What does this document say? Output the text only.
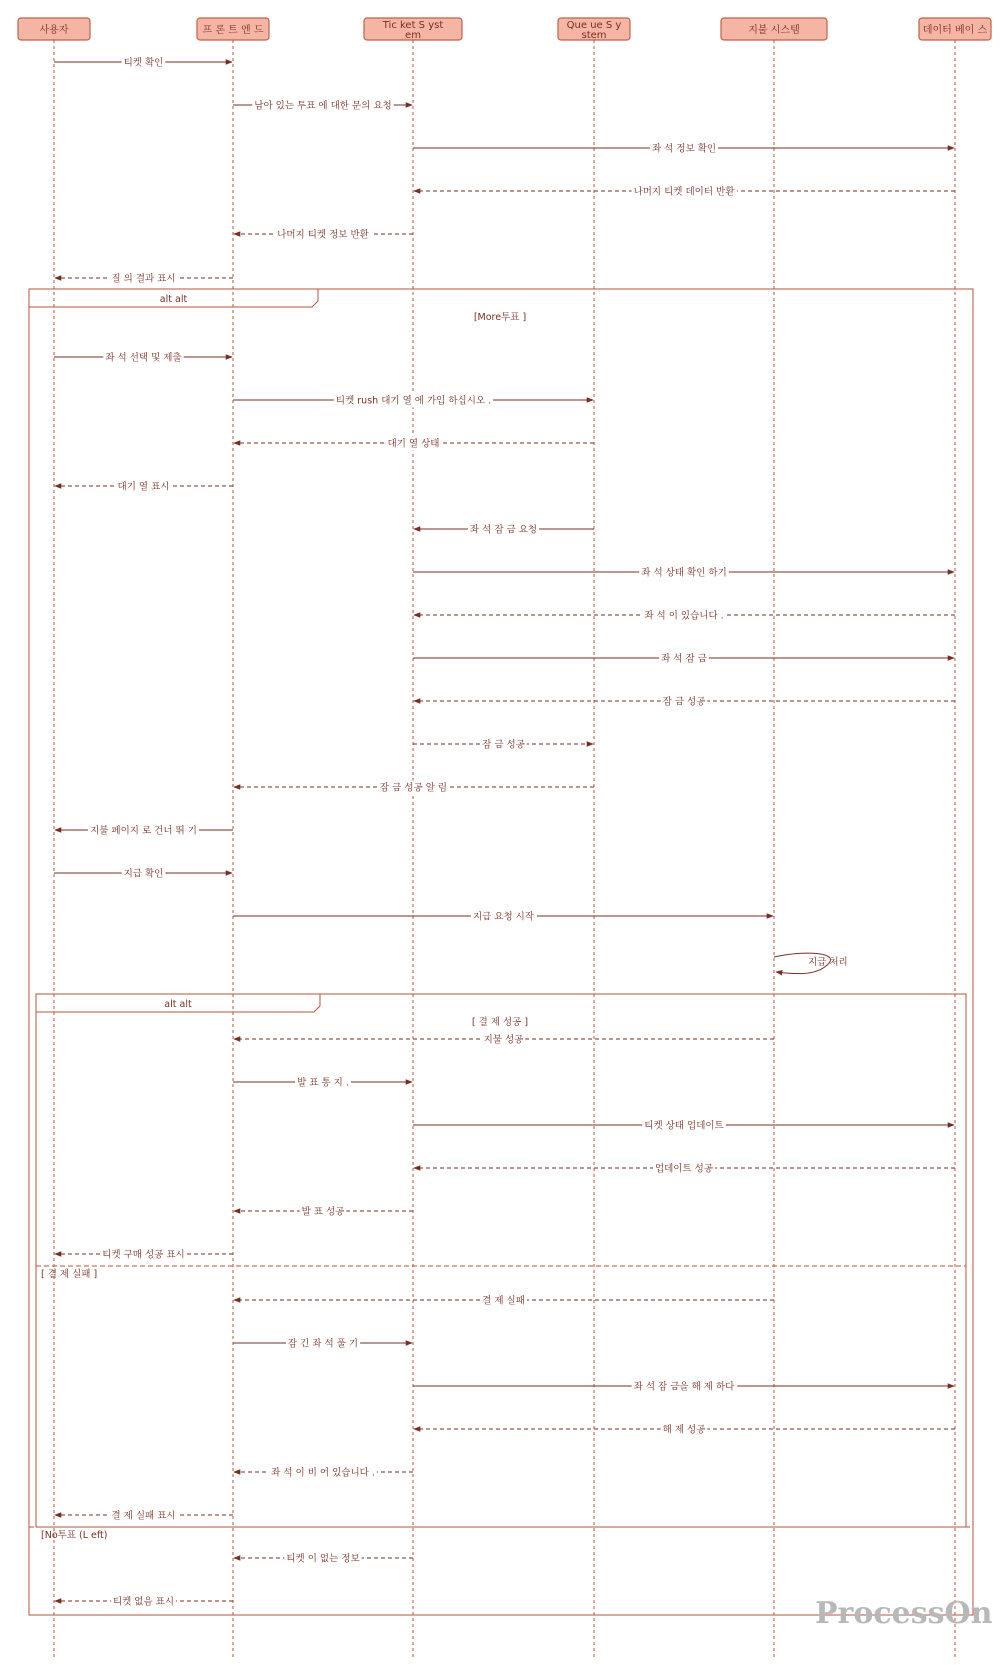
alt alt
alt alt
[More투표 ]
[ 결 제 성공 ]
[ 결 제 실패 ]
[No투표 (L eft)
티켓 확인
남아 있는 투표 에 대한 문의 요청
좌 석 정보 확인
나머지 티켓 데이터 반환
나머지 티켓 정보 반환
질 의 결과 표시
좌 석 선택 및 제출
티켓 rush 대기 열 에 가입 하십시오 .
대기 열 상태
대기 열 표시
좌 석 잠 금 요청
좌 석 상태 확인 하기
좌 석 이 있습니다 .
좌 석 잠 금
잠 금 성공
잠 금 성공
잠 금 성공 알 림
지불 페이지 로 건너 뛰 기
지급 확인
지급 요청 시작
지급 처리
지불 성공
발 표 통 지 .
티켓 상태 업데이트
업데이트 성공
발 표 성공
티켓 구매 성공 표시
결 제 실패
잠 긴 좌 석 풀 기
좌 석 잠 금을 해 제 하다
해 제 성공
좌 석 이 비 어 있습니다 .
결 제 실패 표시
티켓 이 없는 정보
티켓 없음 표시
사용자	프 론 트 엔 드	Tic ket S yst em
Que ue S y stem	지불 시스템	데이터 베이 스
ProcessOn
